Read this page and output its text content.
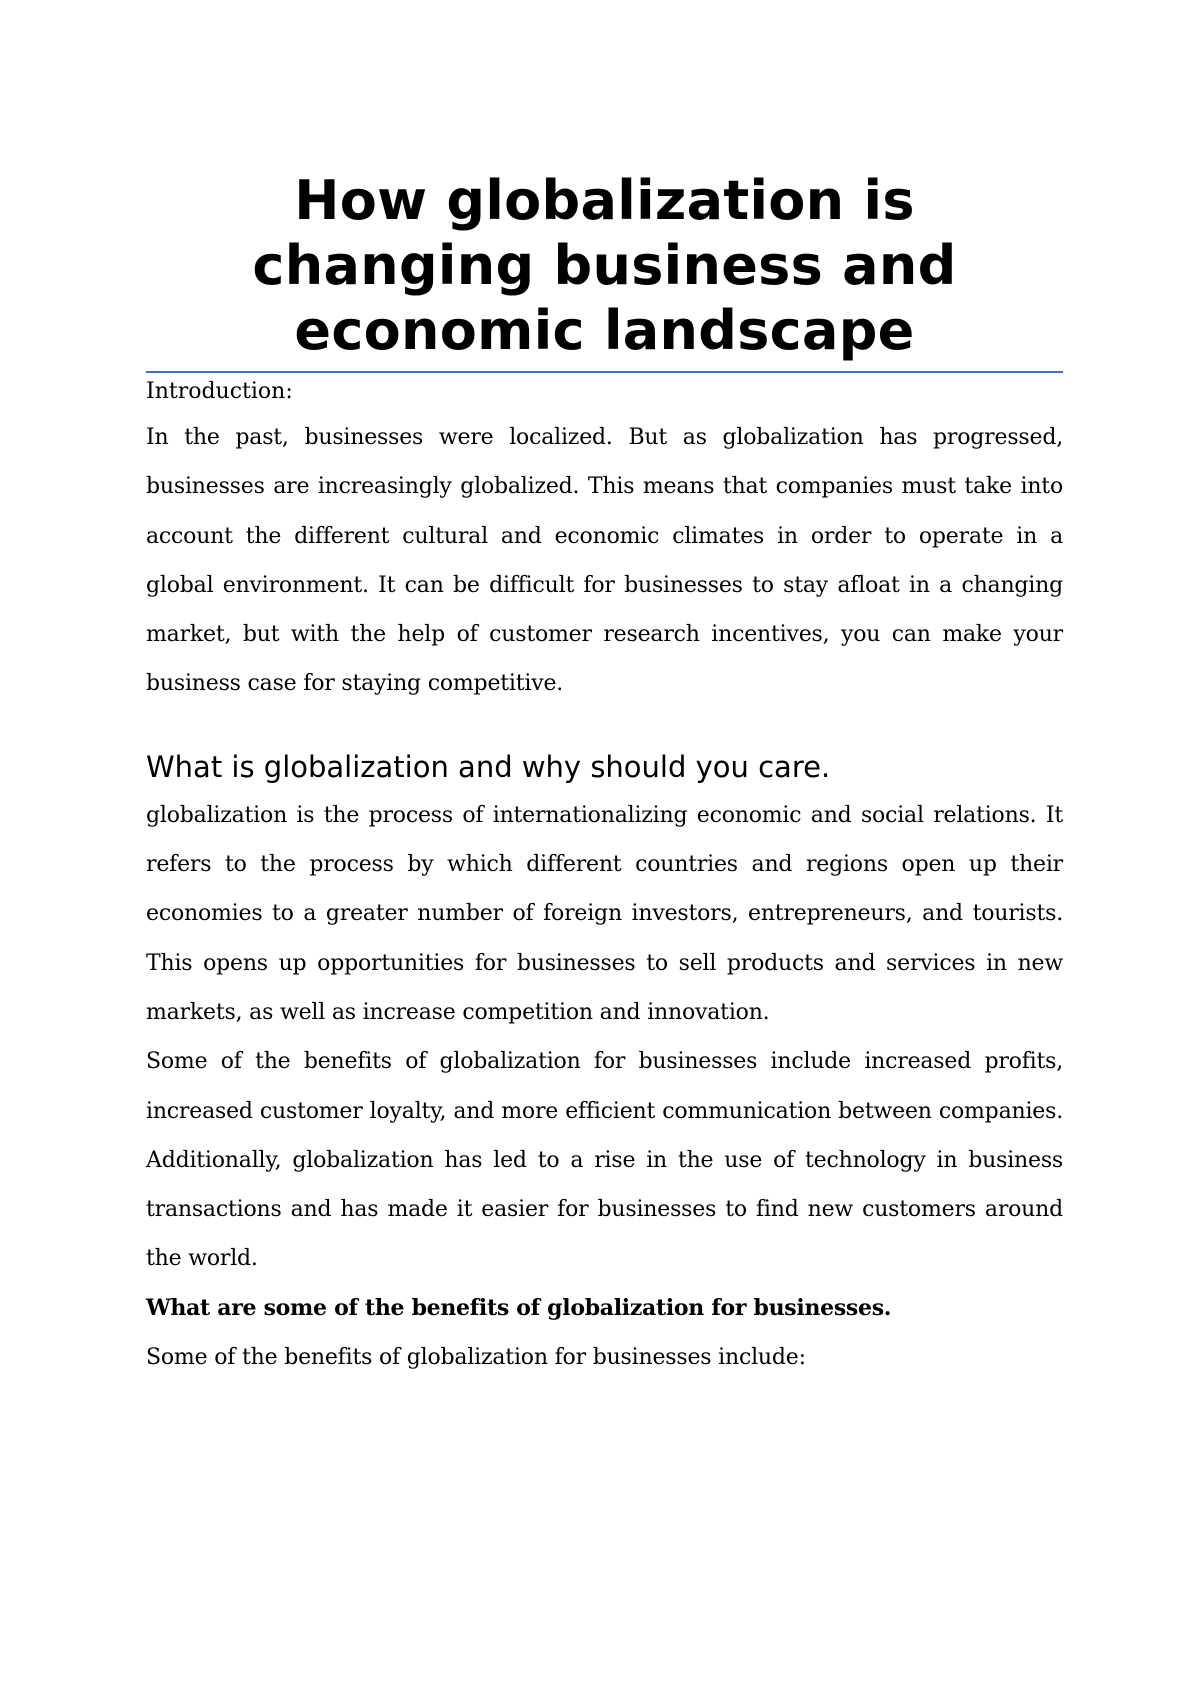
How globalization is changing business and economic landscape

Introduction:

In the past, businesses were localized. But as globalization has progressed, businesses are increasingly globalized. This means that companies must take into account the different cultural and economic climates in order to operate in a global environment. It can be difficult for businesses to stay afloat in a changing market, but with the help of customer research incentives, you can make your business case for staying competitive.

What is globalization and why should you care.

globalization is the process of internationalizing economic and social relations. It refers to the process by which different countries and regions open up their economies to a greater number of foreign investors, entrepreneurs, and tourists. This opens up opportunities for businesses to sell products and services in new markets, as well as increase competition and innovation.

Some of the benefits of globalization for businesses include increased profits, increased customer loyalty, and more efficient communication between companies. Additionally, globalization has led to a rise in the use of technology in business transactions and has made it easier for businesses to find new customers around the world.

What are some of the benefits of globalization for businesses.

Some of the benefits of globalization for businesses include:
